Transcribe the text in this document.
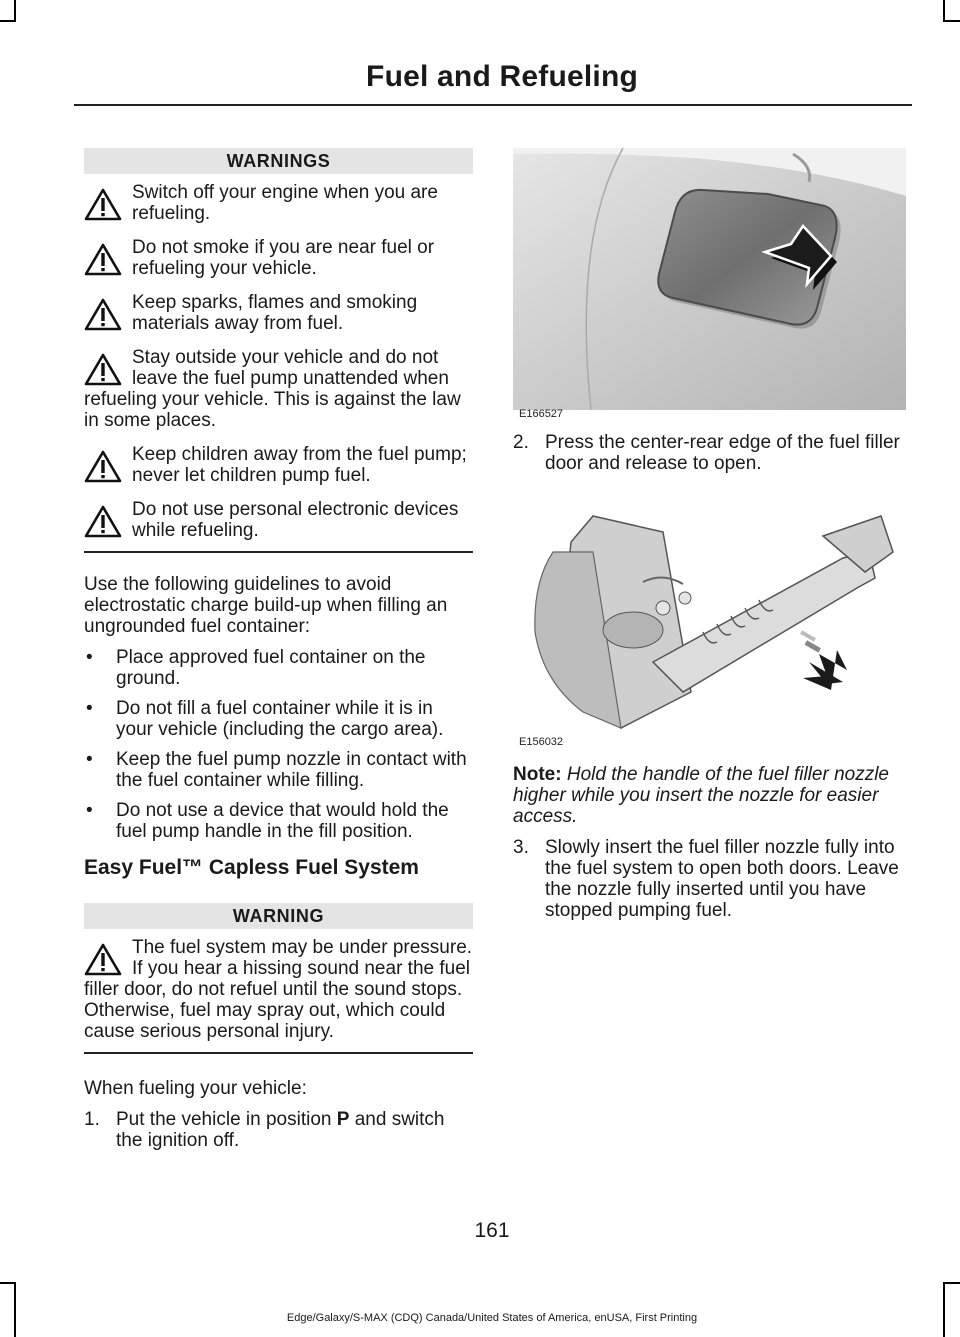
Fuel and Refueling
WARNINGS
Switch off your engine when you are refueling.
Do not smoke if you are near fuel or refueling your vehicle.
Keep sparks, flames and smoking materials away from fuel.
Stay outside your vehicle and do not leave the fuel pump unattended when refueling your vehicle. This is against the law in some places.
Keep children away from the fuel pump; never let children pump fuel.
Do not use personal electronic devices while refueling.

Use the following guidelines to avoid electrostatic charge build-up when filling an ungrounded fuel container:

• Place approved fuel container on the ground.
• Do not fill a fuel container while it is in your vehicle (including the cargo area).
• Keep the fuel pump nozzle in contact with the fuel container while filling.
• Do not use a device that would hold the fuel pump handle in the fill position.
Easy Fuel™ Capless Fuel System
WARNING
The fuel system may be under pressure. If you hear a hissing sound near the fuel filler door, do not refuel until the sound stops. Otherwise, fuel may spray out, which could cause serious personal injury.

When fueling your vehicle:

1. Put the vehicle in position P and switch the ignition off.
E166527
2. Press the center-rear edge of the fuel filler door and release to open.
E156032

Note: Hold the handle of the fuel filler nozzle higher while you insert the nozzle for easier access.

3. Slowly insert the fuel filler nozzle fully into the fuel system to open both doors. Leave the nozzle fully inserted until you have stopped pumping fuel.
161
Edge/Galaxy/S-MAX (CDQ) Canada/United States of America, enUSA, First Printing
